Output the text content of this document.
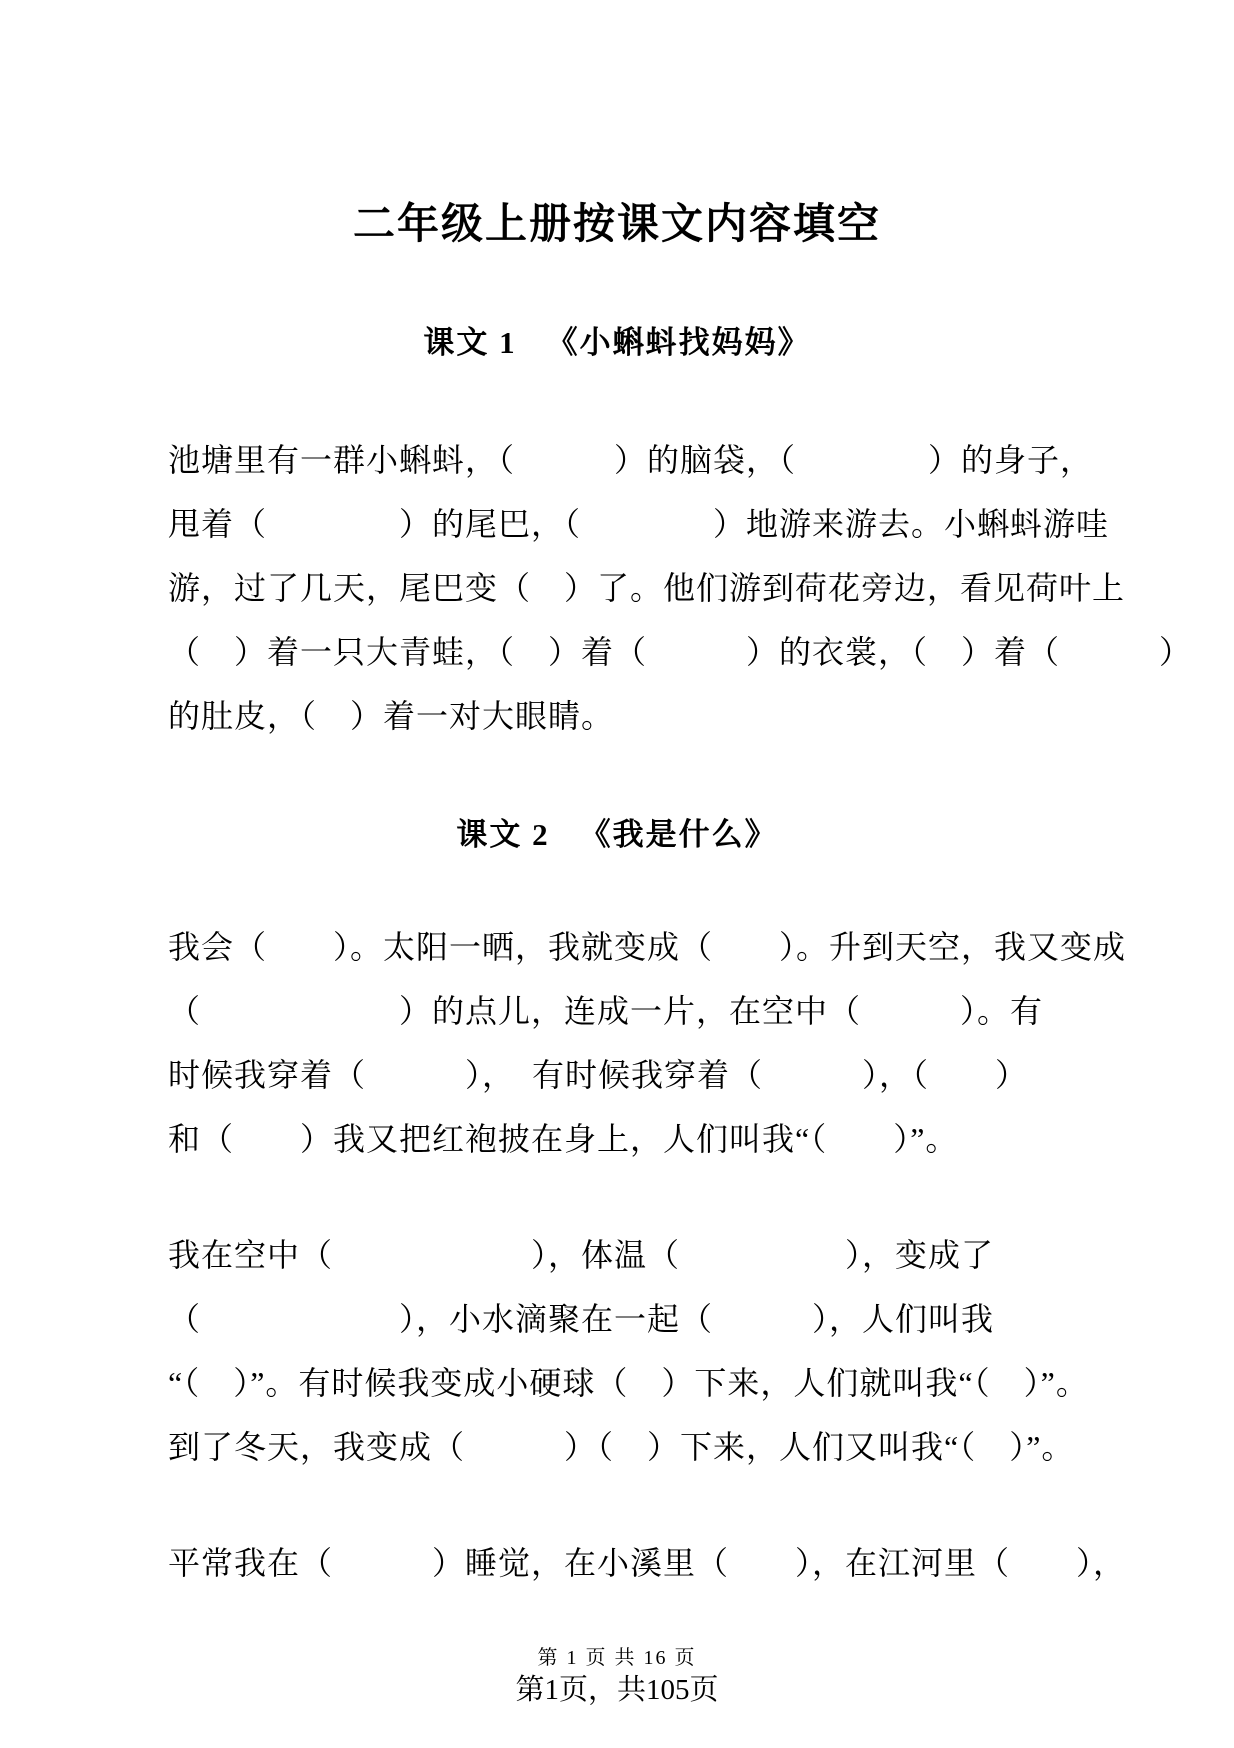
二年级上册按课文内容填空
课文 1 《小蝌蚪找妈妈》
池塘里有一群小蝌蚪，（　　　）的脑袋，（　　　　）的身子，
甩着（　　　　）的尾巴，（　　　　）地游来游去。小蝌蚪游哇
游，过了几天，尾巴变（　）了。他们游到荷花旁边，看见荷叶上
（　）着一只大青蛙，（　）着（　　　）的衣裳，（　）着（　　　）
的肚皮，（　）着一对大眼睛。
课文 2 《我是什么》
我会（　　）。太阳一晒，我就变成（　　）。升到天空，我又变成
（　　　　　　）的点儿，连成一片，在空中（　　　）。有
时候我穿着（　　　），　有时候我穿着（　　　），（　　）
和（　　）我又把红袍披在身上，人们叫我“（　　）”。
我在空中（　　　　　　），体温（　　　　　），变成了
（　　　　　　），小水滴聚在一起（　　　），人们叫我
“（　）”。有时候我变成小硬球（　）下来，人们就叫我“（　）”。
到了冬天，我变成（　　　）（　）下来，人们又叫我“（　）”。
平常我在（　　　）睡觉，在小溪里（　　），在江河里（　　），
第 1 页 共 16 页
第1页，共105页
